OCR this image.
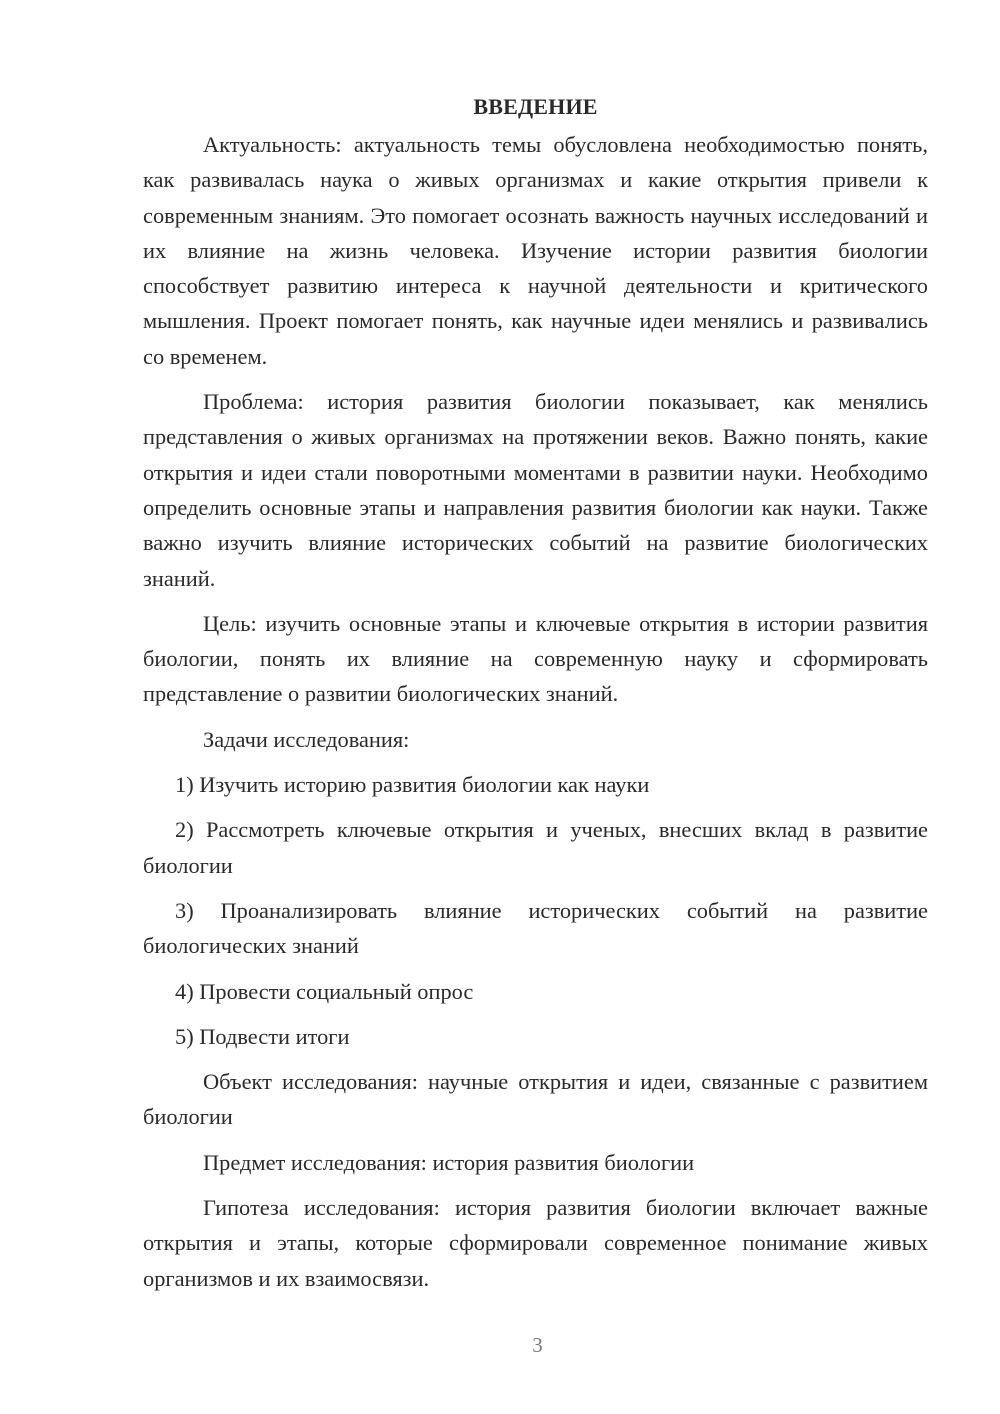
ВВЕДЕНИЕ

Актуальность: актуальность темы обусловлена необходимостью понять, как развивалась наука о живых организмах и какие открытия привели к современным знаниям. Это помогает осознать важность научных исследований и их влияние на жизнь человека. Изучение истории развития биологии способствует развитию интереса к научной деятельности и критического мышления. Проект помогает понять, как научные идеи менялись и развивались со временем.

Проблема: история развития биологии показывает, как менялись представления о живых организмах на протяжении веков. Важно понять, какие открытия и идеи стали поворотными моментами в развитии науки. Необходимо определить основные этапы и направления развития биологии как науки. Также важно изучить влияние исторических событий на развитие биологических знаний.

Цель: изучить основные этапы и ключевые открытия в истории развития биологии, понять их влияние на современную науку и сформировать представление о развитии биологических знаний.

Задачи исследования:

1) Изучить историю развития биологии как науки

2) Рассмотреть ключевые открытия и ученых, внесших вклад в развитие биологии

3) Проанализировать влияние исторических событий на развитие биологических знаний

4) Провести социальный опрос

5) Подвести итоги

Объект исследования: научные открытия и идеи, связанные с развитием биологии

Предмет исследования: история развития биологии

Гипотеза исследования: история развития биологии включает важные открытия и этапы, которые сформировали современное понимание живых организмов и их взаимосвязи.

3
